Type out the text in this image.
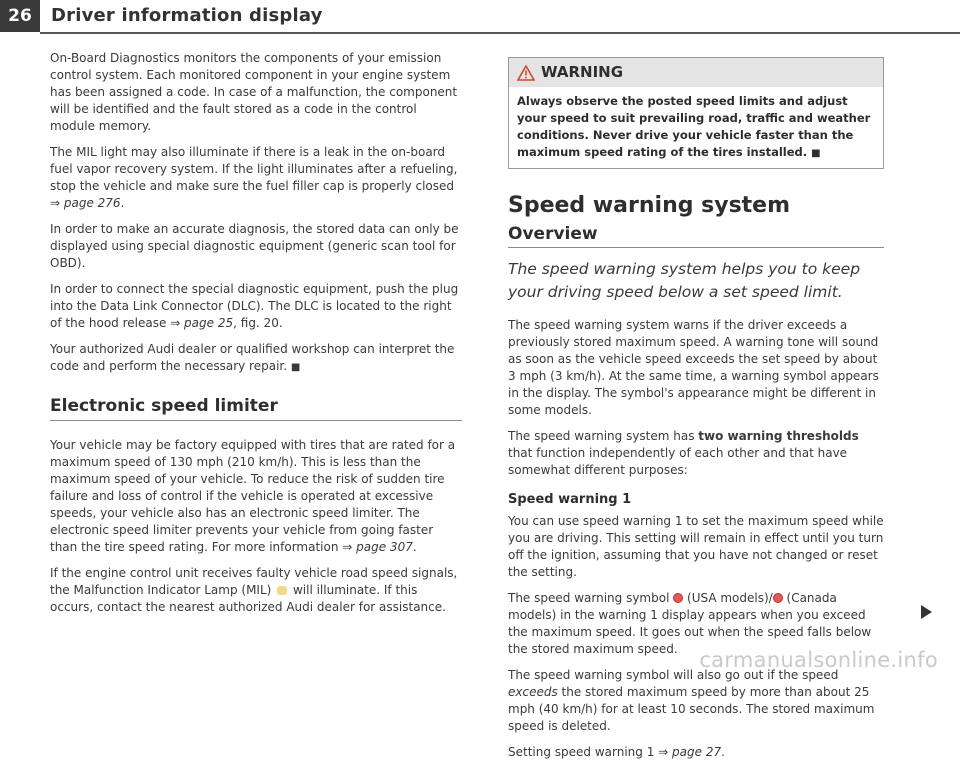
26	Driver information display

On-Board Diagnostics monitors the components of your emission control system. Each monitored component in your engine system has been assigned a code. In case of a malfunction, the component will be identified and the fault stored as a code in the control module memory.

The MIL light may also illuminate if there is a leak in the on-board fuel vapor recovery system. If the light illuminates after a refueling, stop the vehicle and make sure the fuel filler cap is properly closed ⇒ page 276.

In order to make an accurate diagnosis, the stored data can only be displayed using special diagnostic equipment (generic scan tool for OBD).

In order to connect the special diagnostic equipment, push the plug into the Data Link Connector (DLC). The DLC is located to the right of the hood release ⇒ page 25, fig. 20.

Your authorized Audi dealer or qualified workshop can interpret the code and perform the necessary repair. ■

Electronic speed limiter

Your vehicle may be factory equipped with tires that are rated for a maximum speed of 130 mph (210 km/h). This is less than the maximum speed of your vehicle. To reduce the risk of sudden tire failure and loss of control if the vehicle is operated at excessive speeds, your vehicle also has an electronic speed limiter. The electronic speed limiter prevents your vehicle from going faster than the tire speed rating. For more information ⇒ page 307.

If the engine control unit receives faulty vehicle road speed signals, the Malfunction Indicator Lamp (MIL)  will illuminate. If this occurs, contact the nearest authorized Audi dealer for assistance.

WARNING
Always observe the posted speed limits and adjust your speed to suit prevailing road, traffic and weather conditions. Never drive your vehicle faster than the maximum speed rating of the tires installed. ■
Speed warning system
Overview

The speed warning system helps you to keep your driving speed below a set speed limit.

The speed warning system warns if the driver exceeds a previously stored maximum speed. A warning tone will sound as soon as the vehicle speed exceeds the set speed by about 3 mph (3 km/h). At the same time, a warning symbol appears in the display. The symbol's appearance might be different in some models.

The speed warning system has two warning thresholds that function independently of each other and that have somewhat different purposes:

Speed warning 1

You can use speed warning 1 to set the maximum speed while you are driving. This setting will remain in effect until you turn off the ignition, assuming that you have not changed or reset the setting.

The speed warning symbol  (USA models)/ (Canada models) in the warning 1 display appears when you exceed the maximum speed. It goes out when the speed falls below the stored maximum speed.

The speed warning symbol will also go out if the speed exceeds the stored maximum speed by more than about 25 mph (40 km/h) for at least 10 seconds. The stored maximum speed is deleted.

Setting speed warning 1 ⇒ page 27.

carmanualsonline.info
